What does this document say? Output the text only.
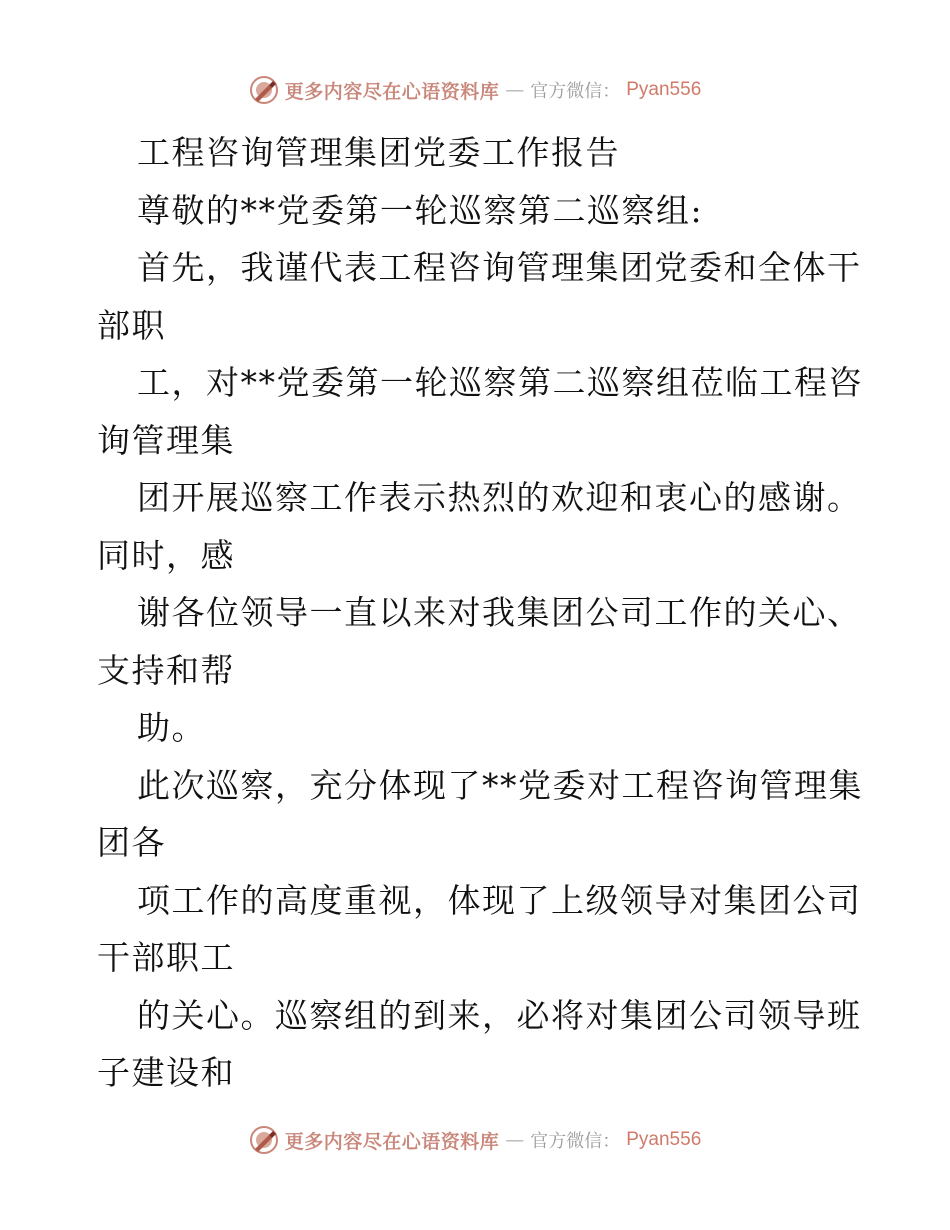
更多内容尽在心语资料库 — 官方微信： Pyan556
工程咨询管理集团党委工作报告
尊敬的**党委第一轮巡察第二巡察组:
首先，我谨代表工程咨询管理集团党委和全体干
部职
工，对**党委第一轮巡察第二巡察组莅临工程咨
询管理集
团开展巡察工作表示热烈的欢迎和衷心的感谢。
同时，感
谢各位领导一直以来对我集团公司工作的关心、
支持和帮
助。
此次巡察，充分体现了**党委对工程咨询管理集
团各
项工作的高度重视，体现了上级领导对集团公司
干部职工
的关心。巡察组的到来，必将对集团公司领导班
子建设和
更多内容尽在心语资料库 — 官方微信： Pyan556
